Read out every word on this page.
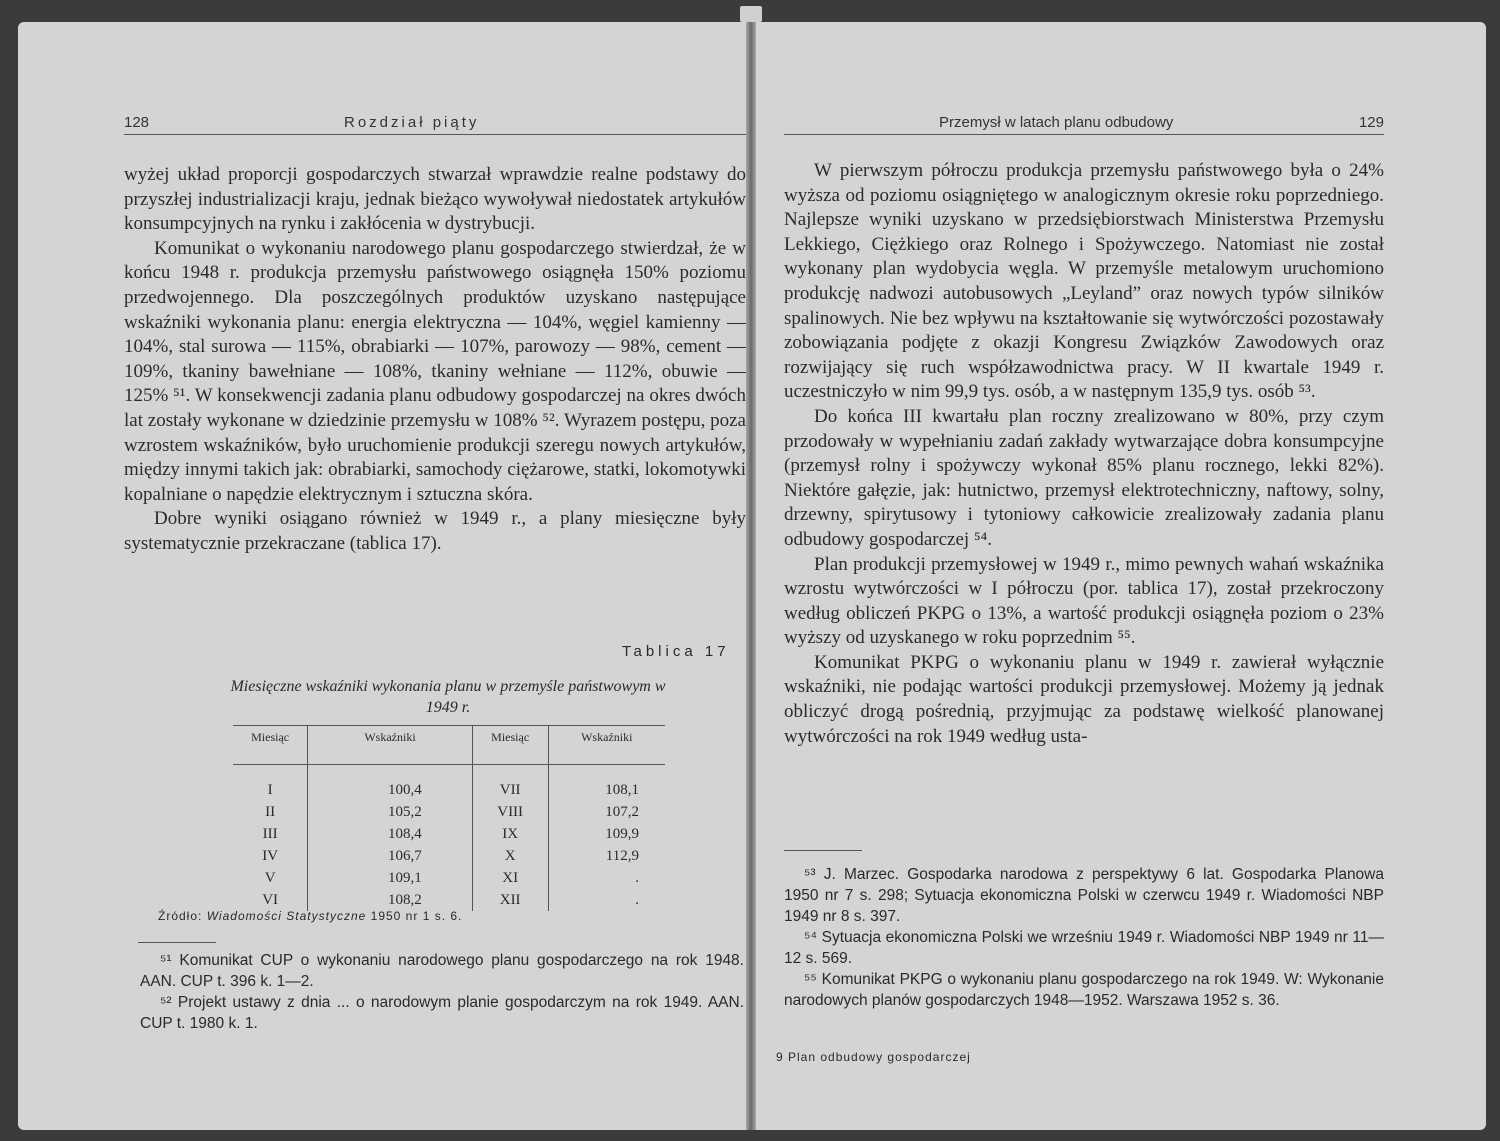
128	Rozdział piąty

wyżej układ proporcji gospodarczych stwarzał wprawdzie realne podstawy do przyszłej industrializacji kraju, jednak bieżąco wywoływał niedostatek artykułów konsumpcyjnych na rynku i zakłócenia w dystrybucji.

Komunikat o wykonaniu narodowego planu gospodarczego stwierdzał, że w końcu 1948 r. produkcja przemysłu państwowego osiągnęła 150% poziomu przedwojennego. Dla poszczególnych produktów uzyskano następujące wskaźniki wykonania planu: energia elektryczna — 104%, węgiel kamienny — 104%, stal surowa — 115%, obrabiarki — 107%, parowozy — 98%, cement — 109%, tkaniny bawełniane — 108%, tkaniny wełniane — 112%, obuwie — 125% ⁵¹. W konsekwencji zadania planu odbudowy gospodarczej na okres dwóch lat zostały wykonane w dziedzinie przemysłu w 108% ⁵². Wyrazem postępu, poza wzrostem wskaźników, było uruchomienie produkcji szeregu nowych artykułów, między innymi takich jak: obrabiarki, samochody ciężarowe, statki, lokomotywki kopalniane o napędzie elektrycznym i sztuczna skóra.

Dobre wyniki osiągano również w 1949 r., a plany miesięczne były systematycznie przekraczane (tablica 17).

Tablica 17
Miesięczne wskaźniki wykonania planu w przemyśle państwowym w 1949 r.
Miesiąc	Wskaźniki	Miesiąc	Wskaźniki
I	100,4	VII	108,1
II	105,2	VIII	107,2
III	108,4	IX	109,9
IV	106,7	X	112,9
V	109,1	XI	.
VI	108,2	XII	.
Źródło: Wiadomości Statystyczne 1950 nr 1 s. 6.

⁵¹ Komunikat CUP o wykonaniu narodowego planu gospodarczego na rok 1948. AAN. CUP t. 396 k. 1—2.

⁵² Projekt ustawy z dnia ... o narodowym planie gospodarczym na rok 1949. AAN. CUP t. 1980 k. 1.

Przemysł w latach planu odbudowy	129

W pierwszym półroczu produkcja przemysłu państwowego była o 24% wyższa od poziomu osiągniętego w analogicznym okresie roku poprzedniego. Najlepsze wyniki uzyskano w przedsiębiorstwach Ministerstwa Przemysłu Lekkiego, Ciężkiego oraz Rolnego i Spożywczego. Natomiast nie został wykonany plan wydobycia węgla. W przemyśle metalowym uruchomiono produkcję nadwozi autobusowych „Leyland” oraz nowych typów silników spalinowych. Nie bez wpływu na kształtowanie się wytwórczości pozostawały zobowiązania podjęte z okazji Kongresu Związków Zawodowych oraz rozwijający się ruch współzawodnictwa pracy. W II kwartale 1949 r. uczestniczyło w nim 99,9 tys. osób, a w następnym 135,9 tys. osób ⁵³.

Do końca III kwartału plan roczny zrealizowano w 80%, przy czym przodowały w wypełnianiu zadań zakłady wytwarzające dobra konsumpcyjne (przemysł rolny i spożywczy wykonał 85% planu rocznego, lekki 82%). Niektóre gałęzie, jak: hutnictwo, przemysł elektrotechniczny, naftowy, solny, drzewny, spirytusowy i tytoniowy całkowicie zrealizowały zadania planu odbudowy gospodarczej ⁵⁴.

Plan produkcji przemysłowej w 1949 r., mimo pewnych wahań wskaźnika wzrostu wytwórczości w I półroczu (por. tablica 17), został przekroczony według obliczeń PKPG o 13%, a wartość produkcji osiągnęła poziom o 23% wyższy od uzyskanego w roku poprzednim ⁵⁵.

Komunikat PKPG o wykonaniu planu w 1949 r. zawierał wyłącznie wskaźniki, nie podając wartości produkcji przemysłowej. Możemy ją jednak obliczyć drogą pośrednią, przyjmując za podstawę wielkość planowanej wytwórczości na rok 1949 według usta-

⁵³ J. Marzec. Gospodarka narodowa z perspektywy 6 lat. Gospodarka Planowa 1950 nr 7 s. 298; Sytuacja ekonomiczna Polski w czerwcu 1949 r. Wiadomości NBP 1949 nr 8 s. 397.

⁵⁴ Sytuacja ekonomiczna Polski we wrześniu 1949 r. Wiadomości NBP 1949 nr 11—12 s. 569.

⁵⁵ Komunikat PKPG o wykonaniu planu gospodarczego na rok 1949. W: Wykonanie narodowych planów gospodarczych 1948—1952. Warszawa 1952 s. 36.

9 Plan odbudowy gospodarczej
